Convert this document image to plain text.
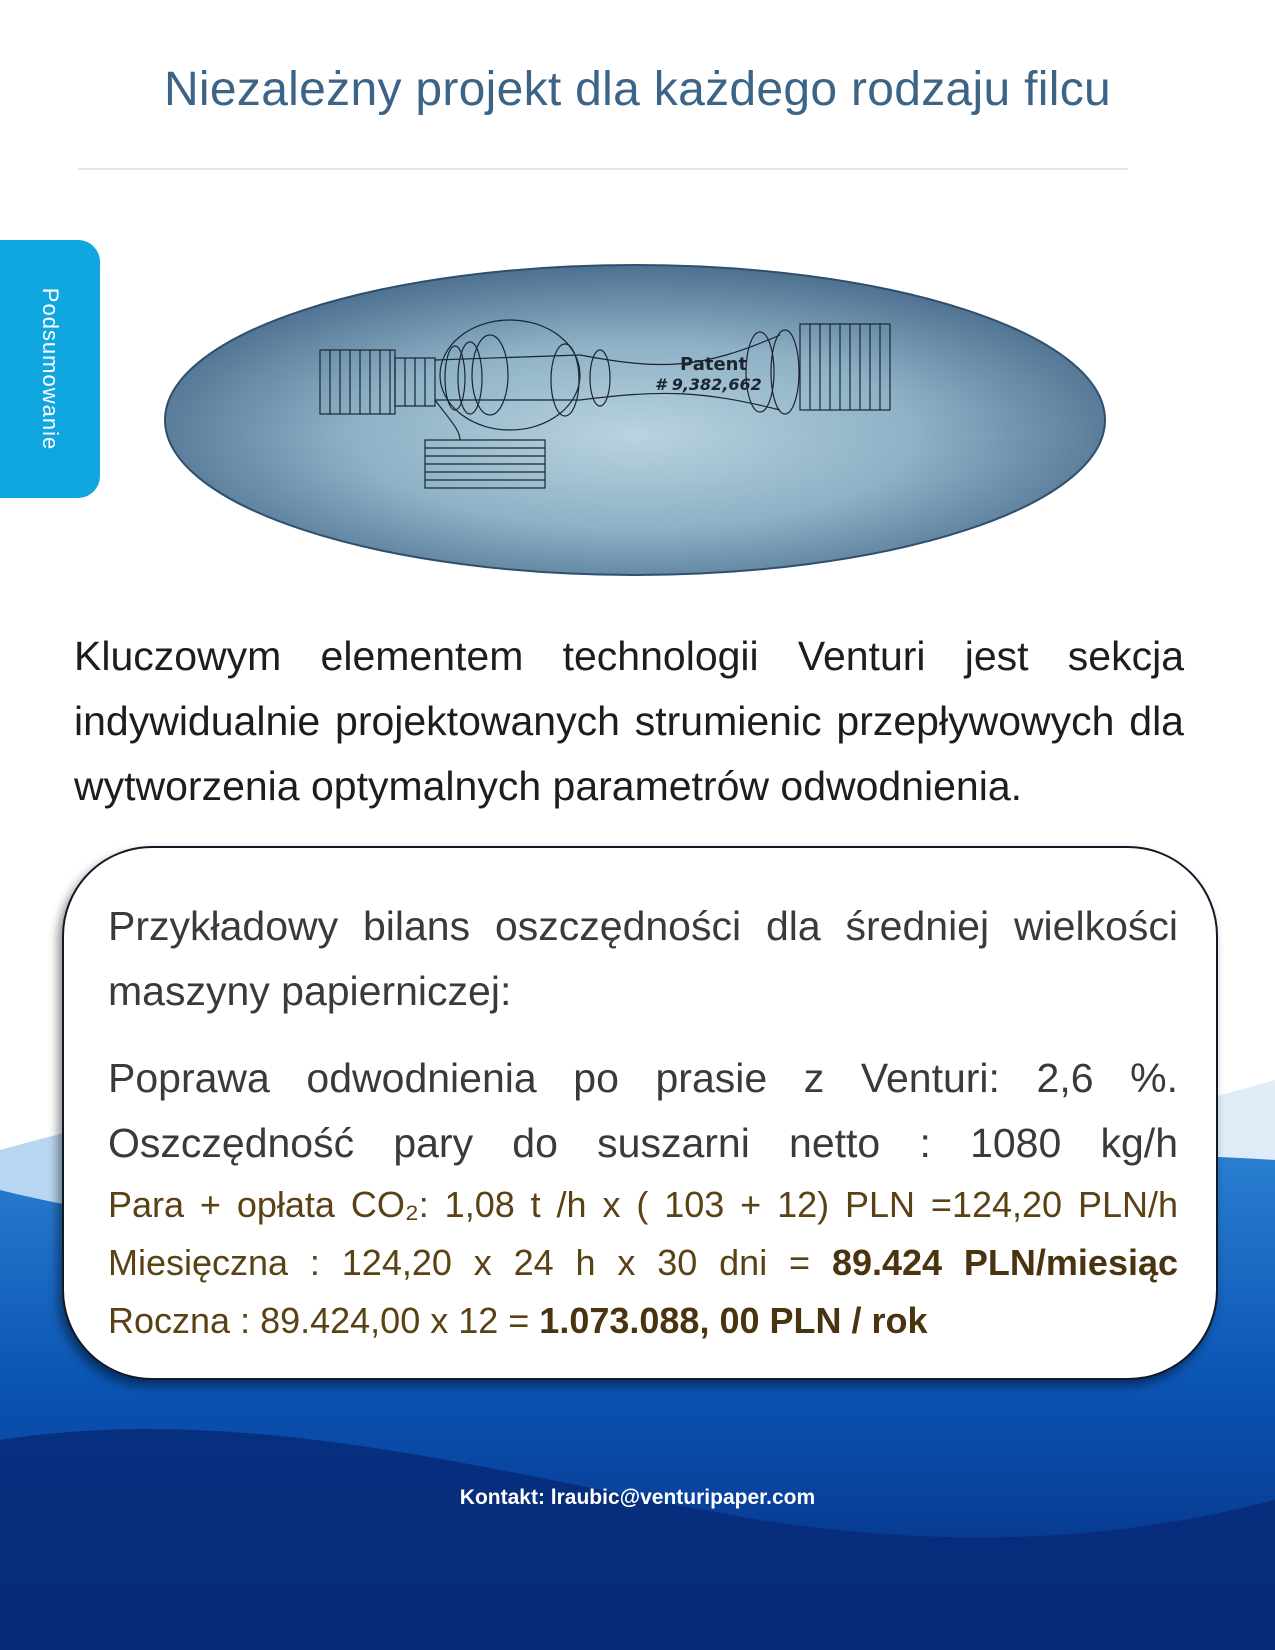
Niezależny projekt dla każdego rodzaju filcu
Podsumowanie	Patent
# 9,382,662
Kluczowym elementem technologii Venturi jest sekcja indywidualnie projektowanych strumienic przepływowych dla wytworzenia optymalnych parametrów odwodnienia.

Przykładowy bilans oszczędności dla średniej wielkości maszyny papierniczej:

Poprawa odwodnienia po prasie z Venturi: 2,6 %.

Oszczędność pary do suszarni netto : 1080 kg/h

Para + opłata CO₂: 1,08 t /h x ( 103 + 12) PLN =124,20 PLN/h

Miesięczna : 124,20 x 24 h x 30 dni = 89.424 PLN/miesiąc

Roczna : 89.424,00 x 12 = 1.073.088, 00 PLN / rok

Kontakt: lraubic@venturipaper.com
